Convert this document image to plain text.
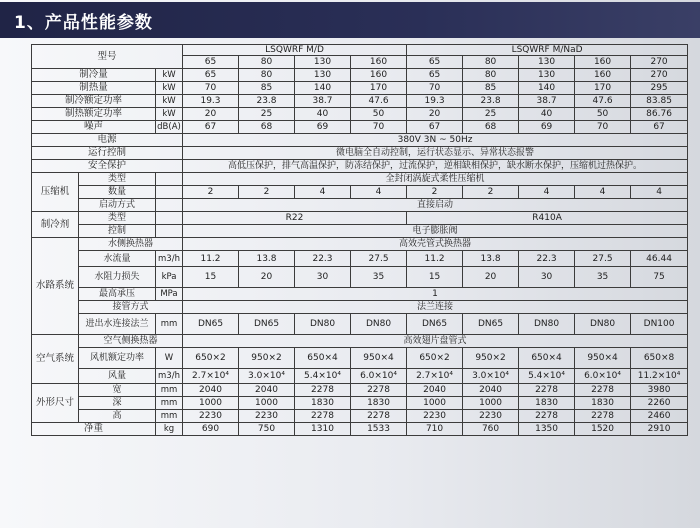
1、产品性能参数
型号			LSQWRF M/D				LSQWRF M/NaD				
			65	80	130	160	65	80	130	160	270
制冷量		kW	65	80	130	160	65	80	130	160	270
制热量		kW	70	85	140	170	70	85	140	170	295
制冷额定功率		kW	19.3	23.8	38.7	47.6	19.3	23.8	38.7	47.6	83.85
制热额定功率		kW	20	25	40	50	20	25	40	50	86.76
噪声		dB(A)	67	68	69	70	67	68	69	70	67
电源			380V 3N ~ 50Hz								
运行控制			微电脑全自动控制，运行状态显示、异常状态报警								
安全保护			高低压保护，排气高温保护，防冻结保护，过流保护，逆相缺相保护，缺水断水保护，压缩机过热保护。								
压缩机	类型		全封闭涡旋式柔性压缩机								
	数量		2	2	4	4	2	2	4	4	4
	启动方式		直接启动								
制冷剂	类型		R22				R410A				
	控制		电子膨胀阀								
水路系统	水侧换热器		高效壳管式换热器								
	水流量	m3/h	11.2	13.8	22.3	27.5	11.2	13.8	22.3	27.5	46.44
	水阻力损失	kPa	15	20	30	35	15	20	30	35	75
	最高承压	MPa	1								
	接管方式		法兰连接								
	进出水连接法兰	mm	DN65	DN65	DN80	DN80	DN65	DN65	DN80	DN80	DN100
空气系统	空气侧换热器		高效翅片盘管式								
	风机额定功率	W	650×2	950×2	650×4	950×4	650×2	950×2	650×4	950×4	650×8
	风量	m3/h	2.7×10⁴	3.0×10⁴	5.4×10⁴	6.0×10⁴	2.7×10⁴	3.0×10⁴	5.4×10⁴	6.0×10⁴	11.2×10⁴
外形尺寸	宽	mm	2040	2040	2278	2278	2040	2040	2278	2278	3980
	深	mm	1000	1000	1830	1830	1000	1000	1830	1830	2260
	高	mm	2230	2230	2278	2278	2230	2230	2278	2278	2460
净重		kg	690	750	1310	1533	710	760	1350	1520	2910
